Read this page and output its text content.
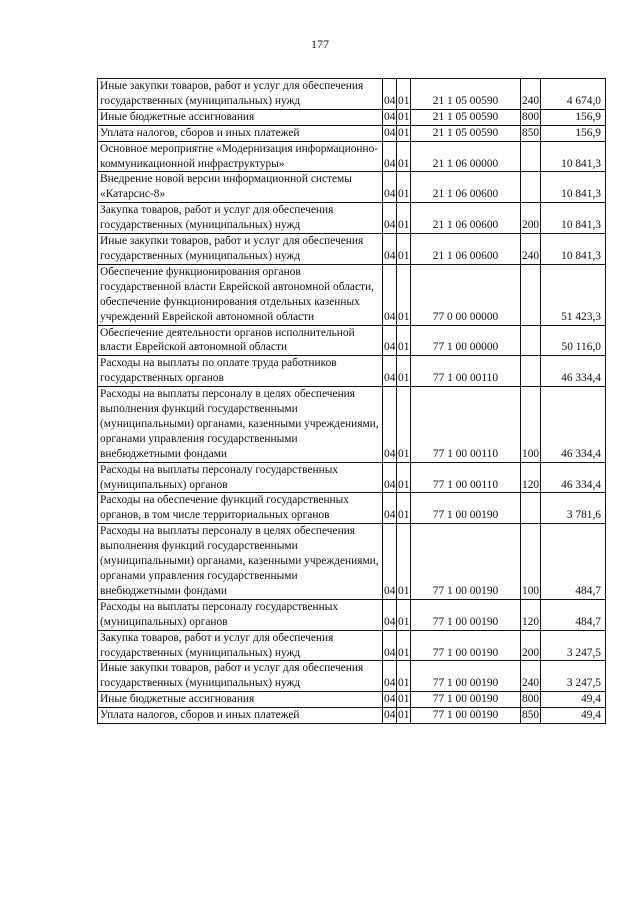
177
Иные закупки товаров, работ и услуг для обеспечения государственных (муниципальных) нужд	04	01	21 1 05 00590	240	4 674,0
Иные бюджетные ассигнования	04	01	21 1 05 00590	800	156,9
Уплата налогов, сборов и иных платежей	04	01	21 1 05 00590	850	156,9
Основное мероприятие «Модернизация информационно-коммуникационной инфраструктуры»	04	01	21 1 06 00000		10 841,3
Внедрение новой версии информационной системы «Катарсис-8»	04	01	21 1 06 00600		10 841,3
Закупка товаров, работ и услуг для обеспечения государственных (муниципальных) нужд	04	01	21 1 06 00600	200	10 841,3
Иные закупки товаров, работ и услуг для обеспечения государственных (муниципальных) нужд	04	01	21 1 06 00600	240	10 841,3
Обеспечение функционирования органов государственной власти Еврейской автономной области, обеспечение функционирования отдельных казенных учреждений Еврейской автономной области	04	01	77 0 00 00000		51 423,3
Обеспечение деятельности органов исполнительной власти Еврейской автономной области	04	01	77 1 00 00000		50 116,0
Расходы на выплаты по оплате труда работников государственных органов	04	01	77 1 00 00110		46 334,4
Расходы на выплаты персоналу в целях обеспечения выполнения функций государственными (муниципальными) органами, казенными учреждениями, органами управления государственными внебюджетными фондами	04	01	77 1 00 00110	100	46 334,4
Расходы на выплаты персоналу государственных (муниципальных) органов	04	01	77 1 00 00110	120	46 334,4
Расходы на обеспечение функций государственных органов, в том числе территориальных органов	04	01	77 1 00 00190		3 781,6
Расходы на выплаты персоналу в целях обеспечения выполнения функций государственными (муниципальными) органами, казенными учреждениями, органами управления государственными внебюджетными фондами	04	01	77 1 00 00190	100	484,7
Расходы на выплаты персоналу государственных (муниципальных) органов	04	01	77 1 00 00190	120	484,7
Закупка товаров, работ и услуг для обеспечения государственных (муниципальных) нужд	04	01	77 1 00 00190	200	3 247,5
Иные закупки товаров, работ и услуг для обеспечения государственных (муниципальных) нужд	04	01	77 1 00 00190	240	3 247,5
Иные бюджетные ассигнования	04	01	77 1 00 00190	800	49,4
Уплата налогов, сборов и иных платежей	04	01	77 1 00 00190	850	49,4
